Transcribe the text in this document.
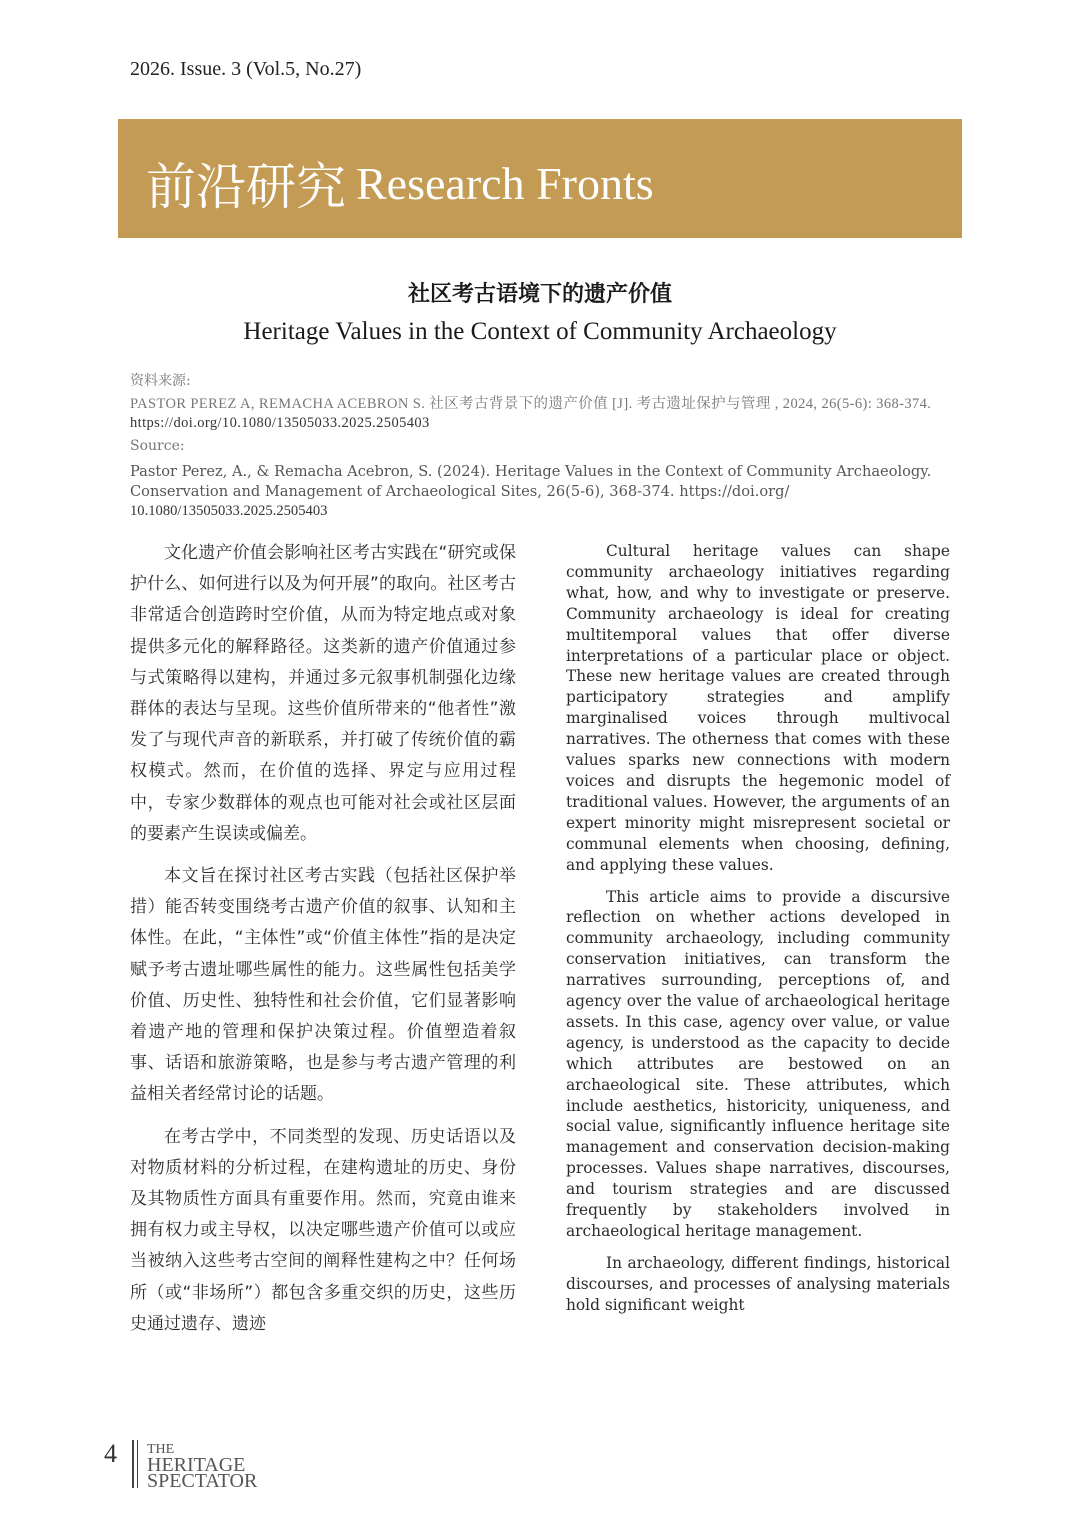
2026. Issue. 3 (Vol.5, No.27)
前沿研究 Research Fronts
社区考古语境下的遗产价值
Heritage Values in the Context of Community Archaeology
资料来源:
PASTOR PEREZ A, REMACHA ACEBRON S. 社区考古背景下的遗产价值 [J]. 考古遗址保护与管理 , 2024, 26(5-6): 368-374. https://doi.org/10.1080/13505033.2025.2505403
Source:
Pastor Perez, A., & Remacha Acebron, S. (2024). Heritage Values in the Context of Community Archaeology. Conservation and Management of Archaeological Sites, 26(5-6), 368-374. https://doi.org/
10.1080/13505033.2025.2505403

文化遗产价值会影响社区考古实践在“研究或保护什么、如何进行以及为何开展”的取向。社区考古非常适合创造跨时空价值，从而为特定地点或对象提供多元化的解释路径。这类新的遗产价值通过参与式策略得以建构，并通过多元叙事机制强化边缘群体的表达与呈现。这些价值所带来的“他者性”激发了与现代声音的新联系，并打破了传统价值的霸权模式。然而，在价值的选择、界定与应用过程中，专家少数群体的观点也可能对社会或社区层面的要素产生误读或偏差。

本文旨在探讨社区考古实践（包括社区保护举措）能否转变围绕考古遗产价值的叙事、认知和主体性。在此，“主体性”或“价值主体性”指的是决定赋予考古遗址哪些属性的能力。这些属性包括美学价值、历史性、独特性和社会价值，它们显著影响着遗产地的管理和保护决策过程。价值塑造着叙事、话语和旅游策略，也是参与考古遗产管理的利益相关者经常讨论的话题。

在考古学中，不同类型的发现、历史话语以及对物质材料的分析过程，在建构遗址的历史、身份及其物质性方面具有重要作用。然而，究竟由谁来拥有权力或主导权，以决定哪些遗产价值可以或应当被纳入这些考古空间的阐释性建构之中？任何场所（或“非场所”）都包含多重交织的历史，这些历史通过遗存、遗迹

Cultural heritage values can shape community archaeology initiatives regarding what, how, and why to investigate or preserve. Community archaeology is ideal for creating multitemporal values that offer diverse interpretations of a particular place or object. These new heritage values are created through participatory strategies and amplify marginalised voices through multivocal narratives. The otherness that comes with these values sparks new connections with modern voices and disrupts the hegemonic model of traditional values. However, the arguments of an expert minority might misrepresent societal or communal elements when choosing, defining, and applying these values.

This article aims to provide a discursive reflection on whether actions developed in community archaeology, including community conservation initiatives, can transform the narratives surrounding, perceptions of, and agency over the value of archaeological heritage assets. In this case, agency over value, or value agency, is understood as the capacity to decide which attributes are bestowed on an archaeological site. These attributes, which include aesthetics, historicity, uniqueness, and social value, significantly influence heritage site management and conservation decision-making processes. Values shape narratives, discourses, and tourism strategies and are discussed frequently by stakeholders involved in archaeological heritage management.

In archaeology, different findings, historical discourses, and processes of analysing materials hold significant weight

4 THE
HERITAGE
SPECTATOR
